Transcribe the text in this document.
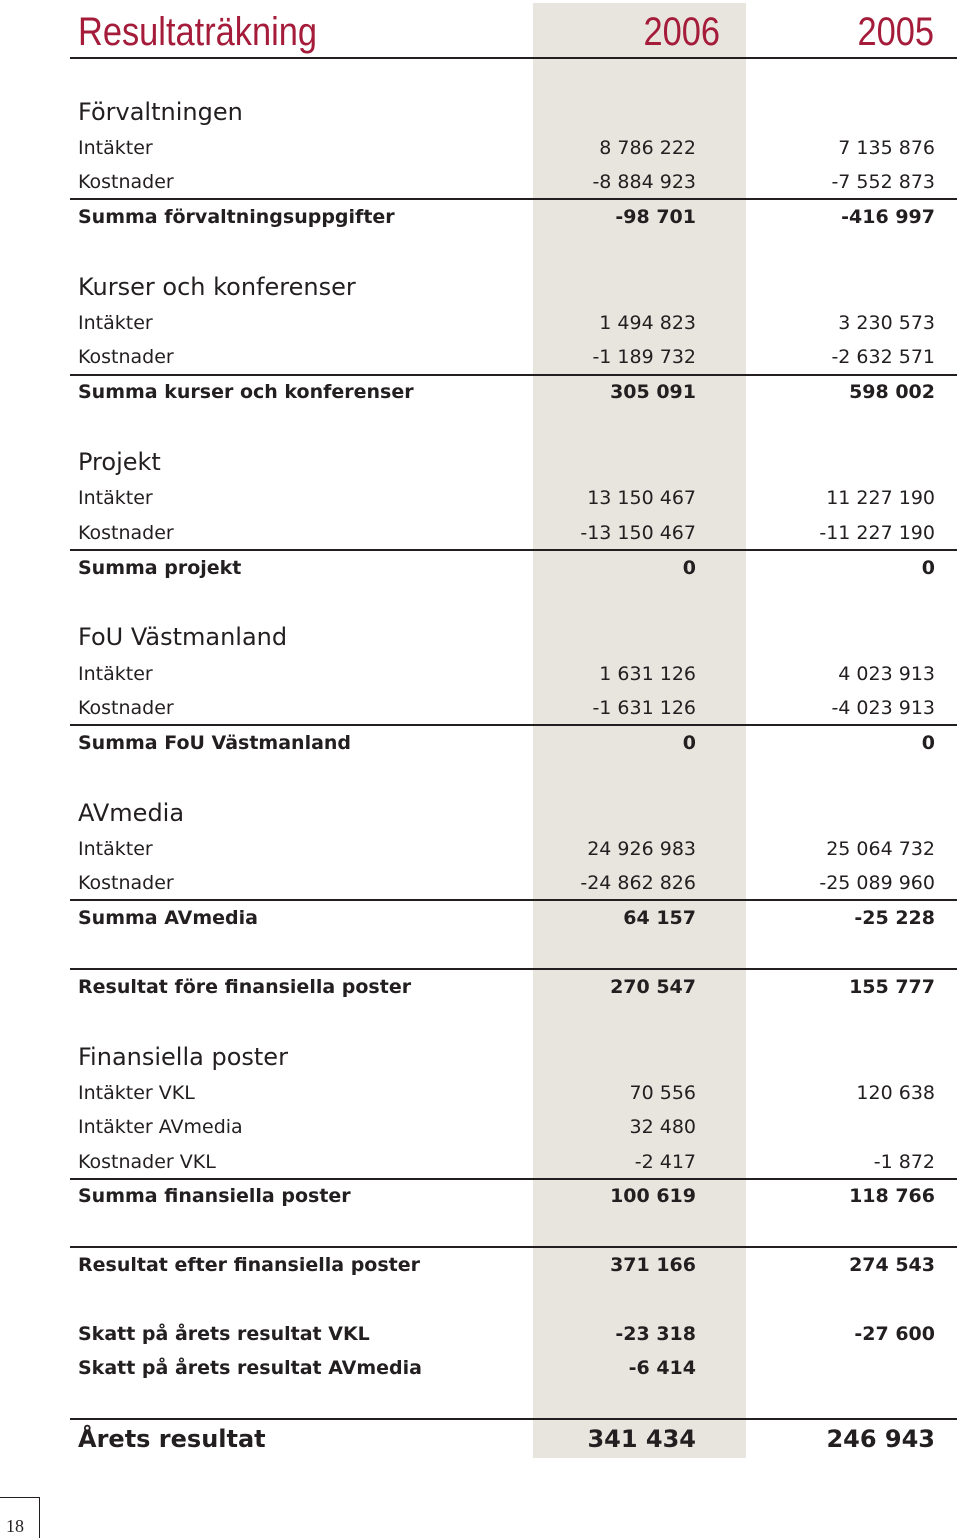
Resultaträkning	2006	2005
Förvaltningen
Intäkter	8 786 222	7 135 876
Kostnader	-8 884 923	-7 552 873
Summa förvaltningsuppgifter	-98 701	-416 997
Kurser och konferenser
Intäkter	1 494 823	3 230 573
Kostnader	-1 189 732	-2 632 571
Summa kurser och konferenser	305 091	598 002
Projekt
Intäkter	13 150 467	11 227 190
Kostnader	-13 150 467	-11 227 190
Summa projekt	0	0
FoU Västmanland
Intäkter	1 631 126	4 023 913
Kostnader	-1 631 126	-4 023 913
Summa FoU Västmanland	0	0
AVmedia
Intäkter	24 926 983	25 064 732
Kostnader	-24 862 826	-25 089 960
Summa AVmedia	64 157	-25 228
Resultat före finansiella poster	270 547	155 777
Finansiella poster
Intäkter VKL	70 556	120 638
Intäkter AVmedia	32 480
Kostnader VKL	-2 417	-1 872
Summa finansiella poster	100 619	118 766
Resultat efter finansiella poster	371 166	274 543
Skatt på årets resultat VKL	-23 318	-27 600
Skatt på årets resultat AVmedia	-6 414
Årets resultat	341 434	246 943
18
